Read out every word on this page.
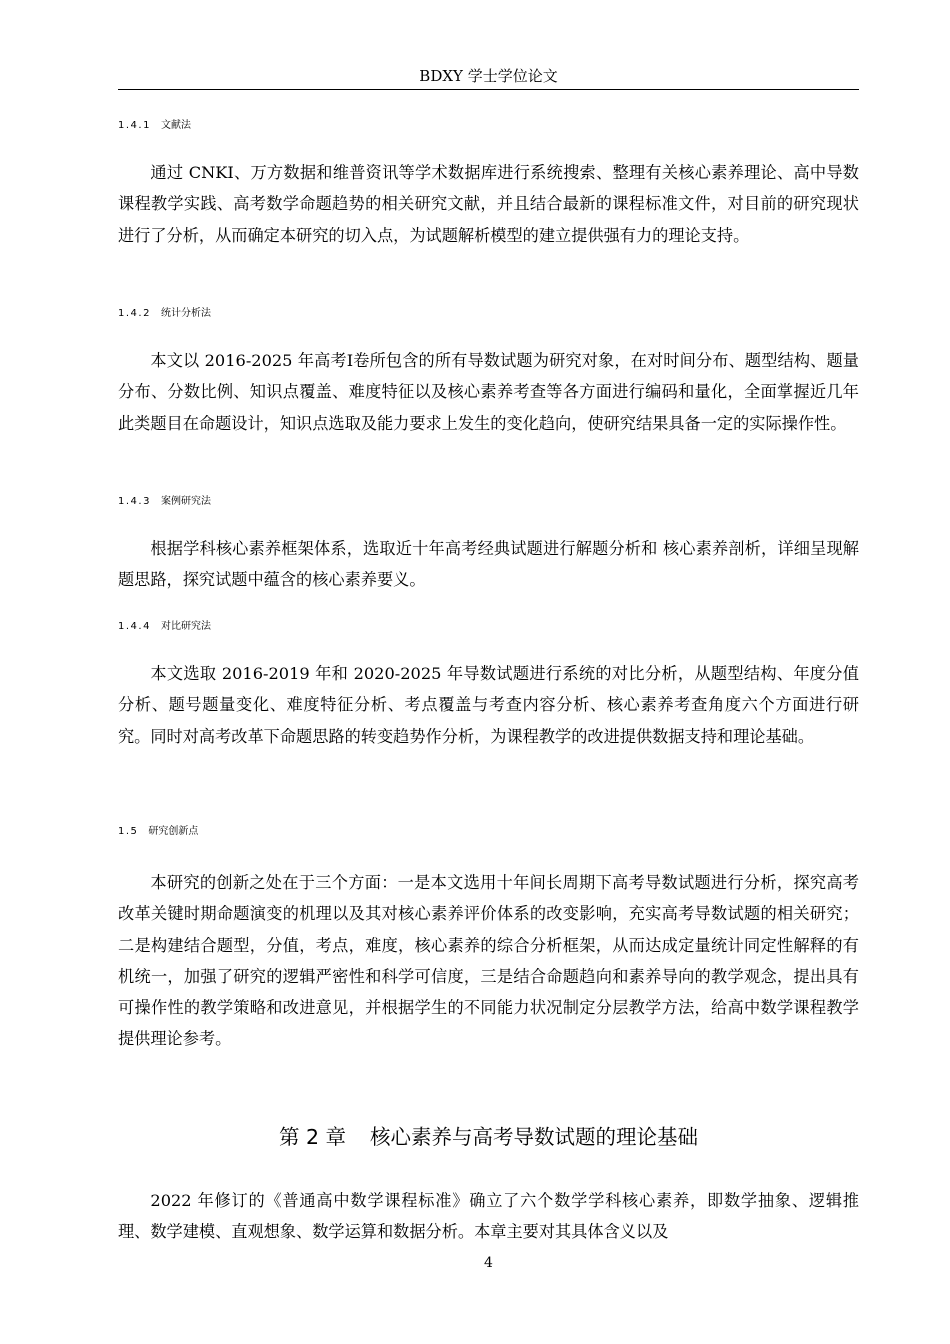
BDXY 学士学位论文
1.4.1 文献法

通过 CNKI、万方数据和维普资讯等学术数据库进行系统搜索、整理有关核心素养理论、高中导数课程教学实践、高考数学命题趋势的相关研究文献，并且结合最新的课程标准文件，对目前的研究现状进行了分析，从而确定本研究的切入点，为试题解析模型的建立提供强有力的理论支持。

1.4.2 统计分析法

本文以 2016-2025 年高考Ⅰ卷所包含的所有导数试题为研究对象，在对时间分布、题型结构、题量分布、分数比例、知识点覆盖、难度特征以及核心素养考查等各方面进行编码和量化，全面掌握近几年此类题目在命题设计，知识点选取及能力要求上发生的变化趋向，使研究结果具备一定的实际操作性。

1.4.3 案例研究法

根据学科核心素养框架体系，选取近十年高考经典试题进行解题分析和 核心素养剖析，详细呈现解题思路，探究试题中蕴含的核心素养要义。

1.4.4 对比研究法

本文选取 2016-2019 年和 2020-2025 年导数试题进行系统的对比分析，从题型结构、年度分值分析、题号题量变化、难度特征分析、考点覆盖与考查内容分析、核心素养考查角度六个方面进行研究。同时对高考改革下命题思路的转变趋势作分析，为课程教学的改进提供数据支持和理论基础。

1.5 研究创新点

本研究的创新之处在于三个方面：一是本文选用十年间长周期下高考导数试题进行分析，探究高考改革关键时期命题演变的机理以及其对核心素养评价体系的改变影响，充实高考导数试题的相关研究；二是构建结合题型，分值，考点，难度，核心素养的综合分析框架，从而达成定量统计同定性解释的有机统一，加强了研究的逻辑严密性和科学可信度，三是结合命题趋向和素养导向的教学观念，提出具有可操作性的教学策略和改进意见，并根据学生的不同能力状况制定分层教学方法，给高中数学课程教学提供理论参考。

第 2 章 核心素养与高考导数试题的理论基础

2022 年修订的《普通高中数学课程标准》确立了六个数学学科核心素养，即数学抽象、逻辑推理、数学建模、直观想象、数学运算和数据分析。本章主要对其具体含义以及

4
